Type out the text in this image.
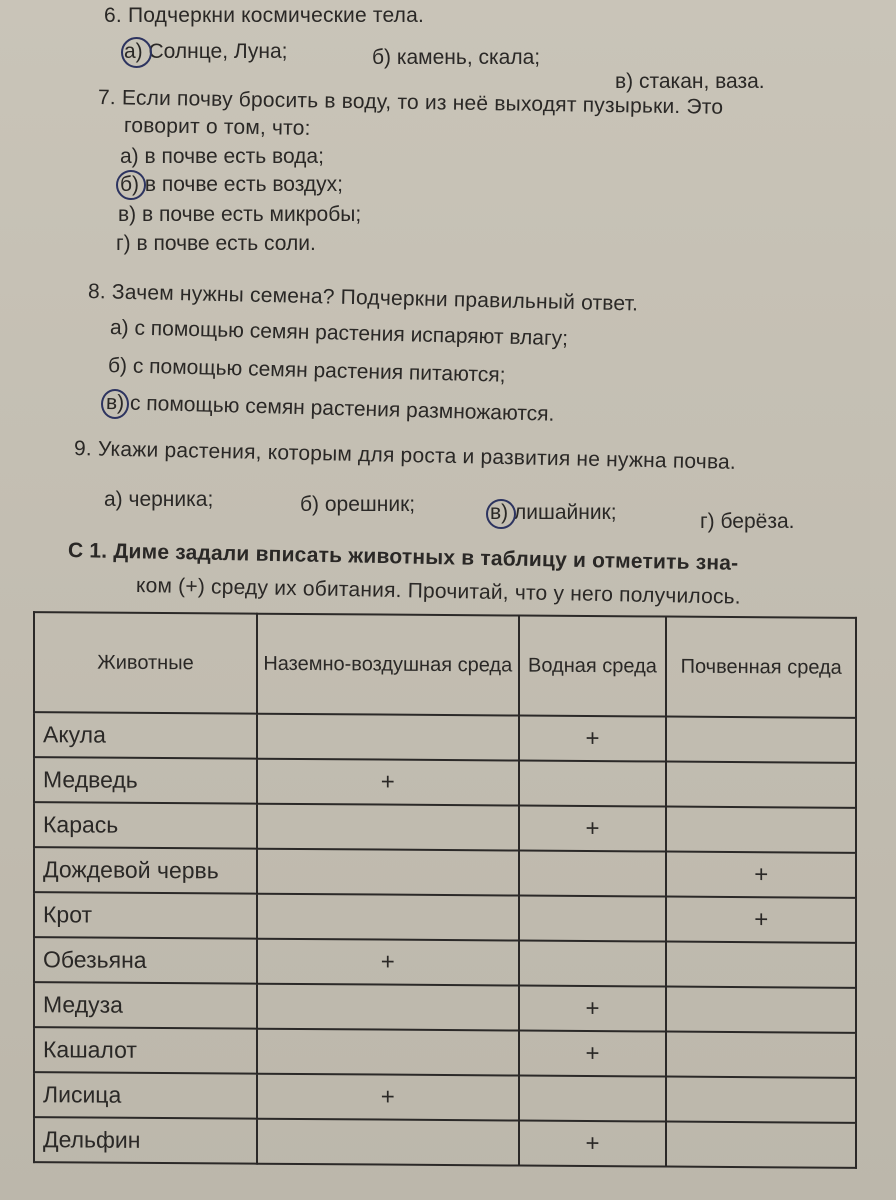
6. Подчеркни космические тела.
а) Солнце, Луна;	б) камень, скала;
в) стакан, ваза.
7. Если почву бросить в воду, то из неё выходят пузырьки. Это
говорит о том, что:
а) в почве есть вода;
б) в почве есть воздух;
в) в почве есть микробы;
г) в почве есть соли.
8. Зачем нужны семена? Подчеркни правильный ответ.
а) с помощью семян растения испаряют влагу;
б) с помощью семян растения питаются;
в) с помощью семян растения размножаются.
9. Укажи растения, которым для роста и развития не нужна почва.
а) черника;	б) орешник;	в) лишайник;	г) берёза.
С 1. Диме задали вписать животных в таблицу и отметить зна-
ком (+) среду их обитания. Прочитай, что у него получилось.
Животные	Наземно-воздушная среда	Водная среда	Почвенная среда
Акула		+	
Медведь	+		
Карась		+	
Дождевой червь			+
Крот			+
Обезьяна	+		
Медуза		+	
Кашалот		+	
Лисица	+		
Дельфин		+	
